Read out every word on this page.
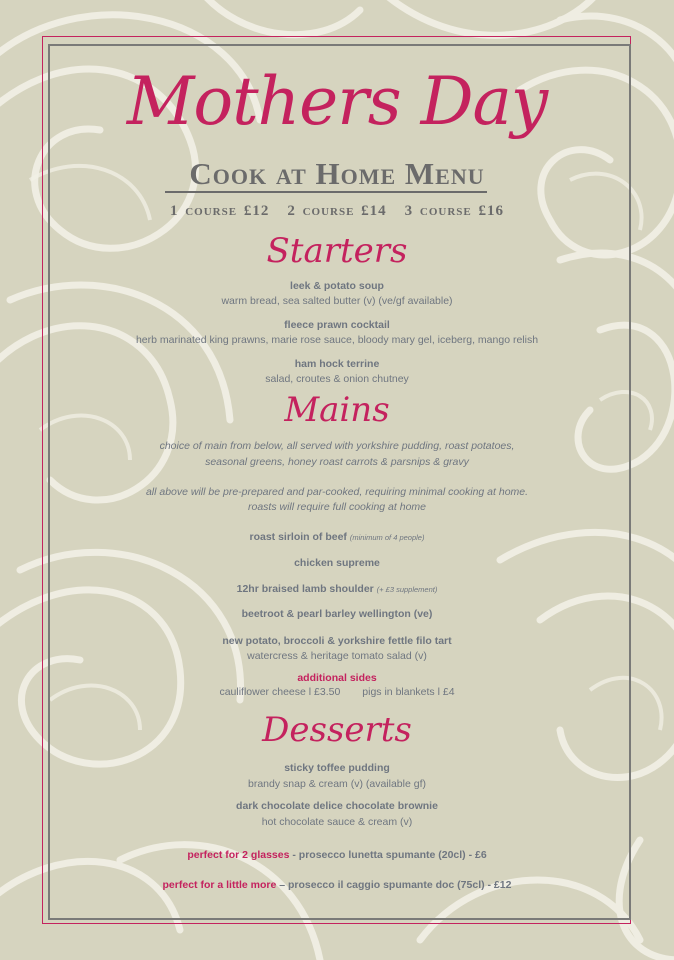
Mothers Day
Cook at Home Menu
1 course £12 2 course £14 3 course £16
Starters
leek & potato soup
warm bread, sea salted butter (v) (ve/gf available)
fleece prawn cocktail
herb marinated king prawns, marie rose sauce, bloody mary gel, iceberg, mango relish
ham hock terrine
salad, croutes & onion chutney
Mains
choice of main from below, all served with yorkshire pudding, roast potatoes,
seasonal greens, honey roast carrots & parsnips & gravy
all above will be pre-prepared and par-cooked, requiring minimal cooking at home.
roasts will require full cooking at home
roast sirloin of beef (minimum of 4 people)
chicken supreme
12hr braised lamb shoulder (+ £3 supplement)
beetroot & pearl barley wellington (ve)
new potato, broccoli & yorkshire fettle filo tart
watercress & heritage tomato salad (v)
additional sides
cauliflower cheese l £3.50 pigs in blankets l £4
Desserts
sticky toffee pudding
brandy snap & cream (v) (available gf)
dark chocolate delice chocolate brownie
hot chocolate sauce & cream (v)
perfect for 2 glasses - prosecco lunetta spumante (20cl) - £6
perfect for a little more – prosecco il caggio spumante doc (75cl) - £12
